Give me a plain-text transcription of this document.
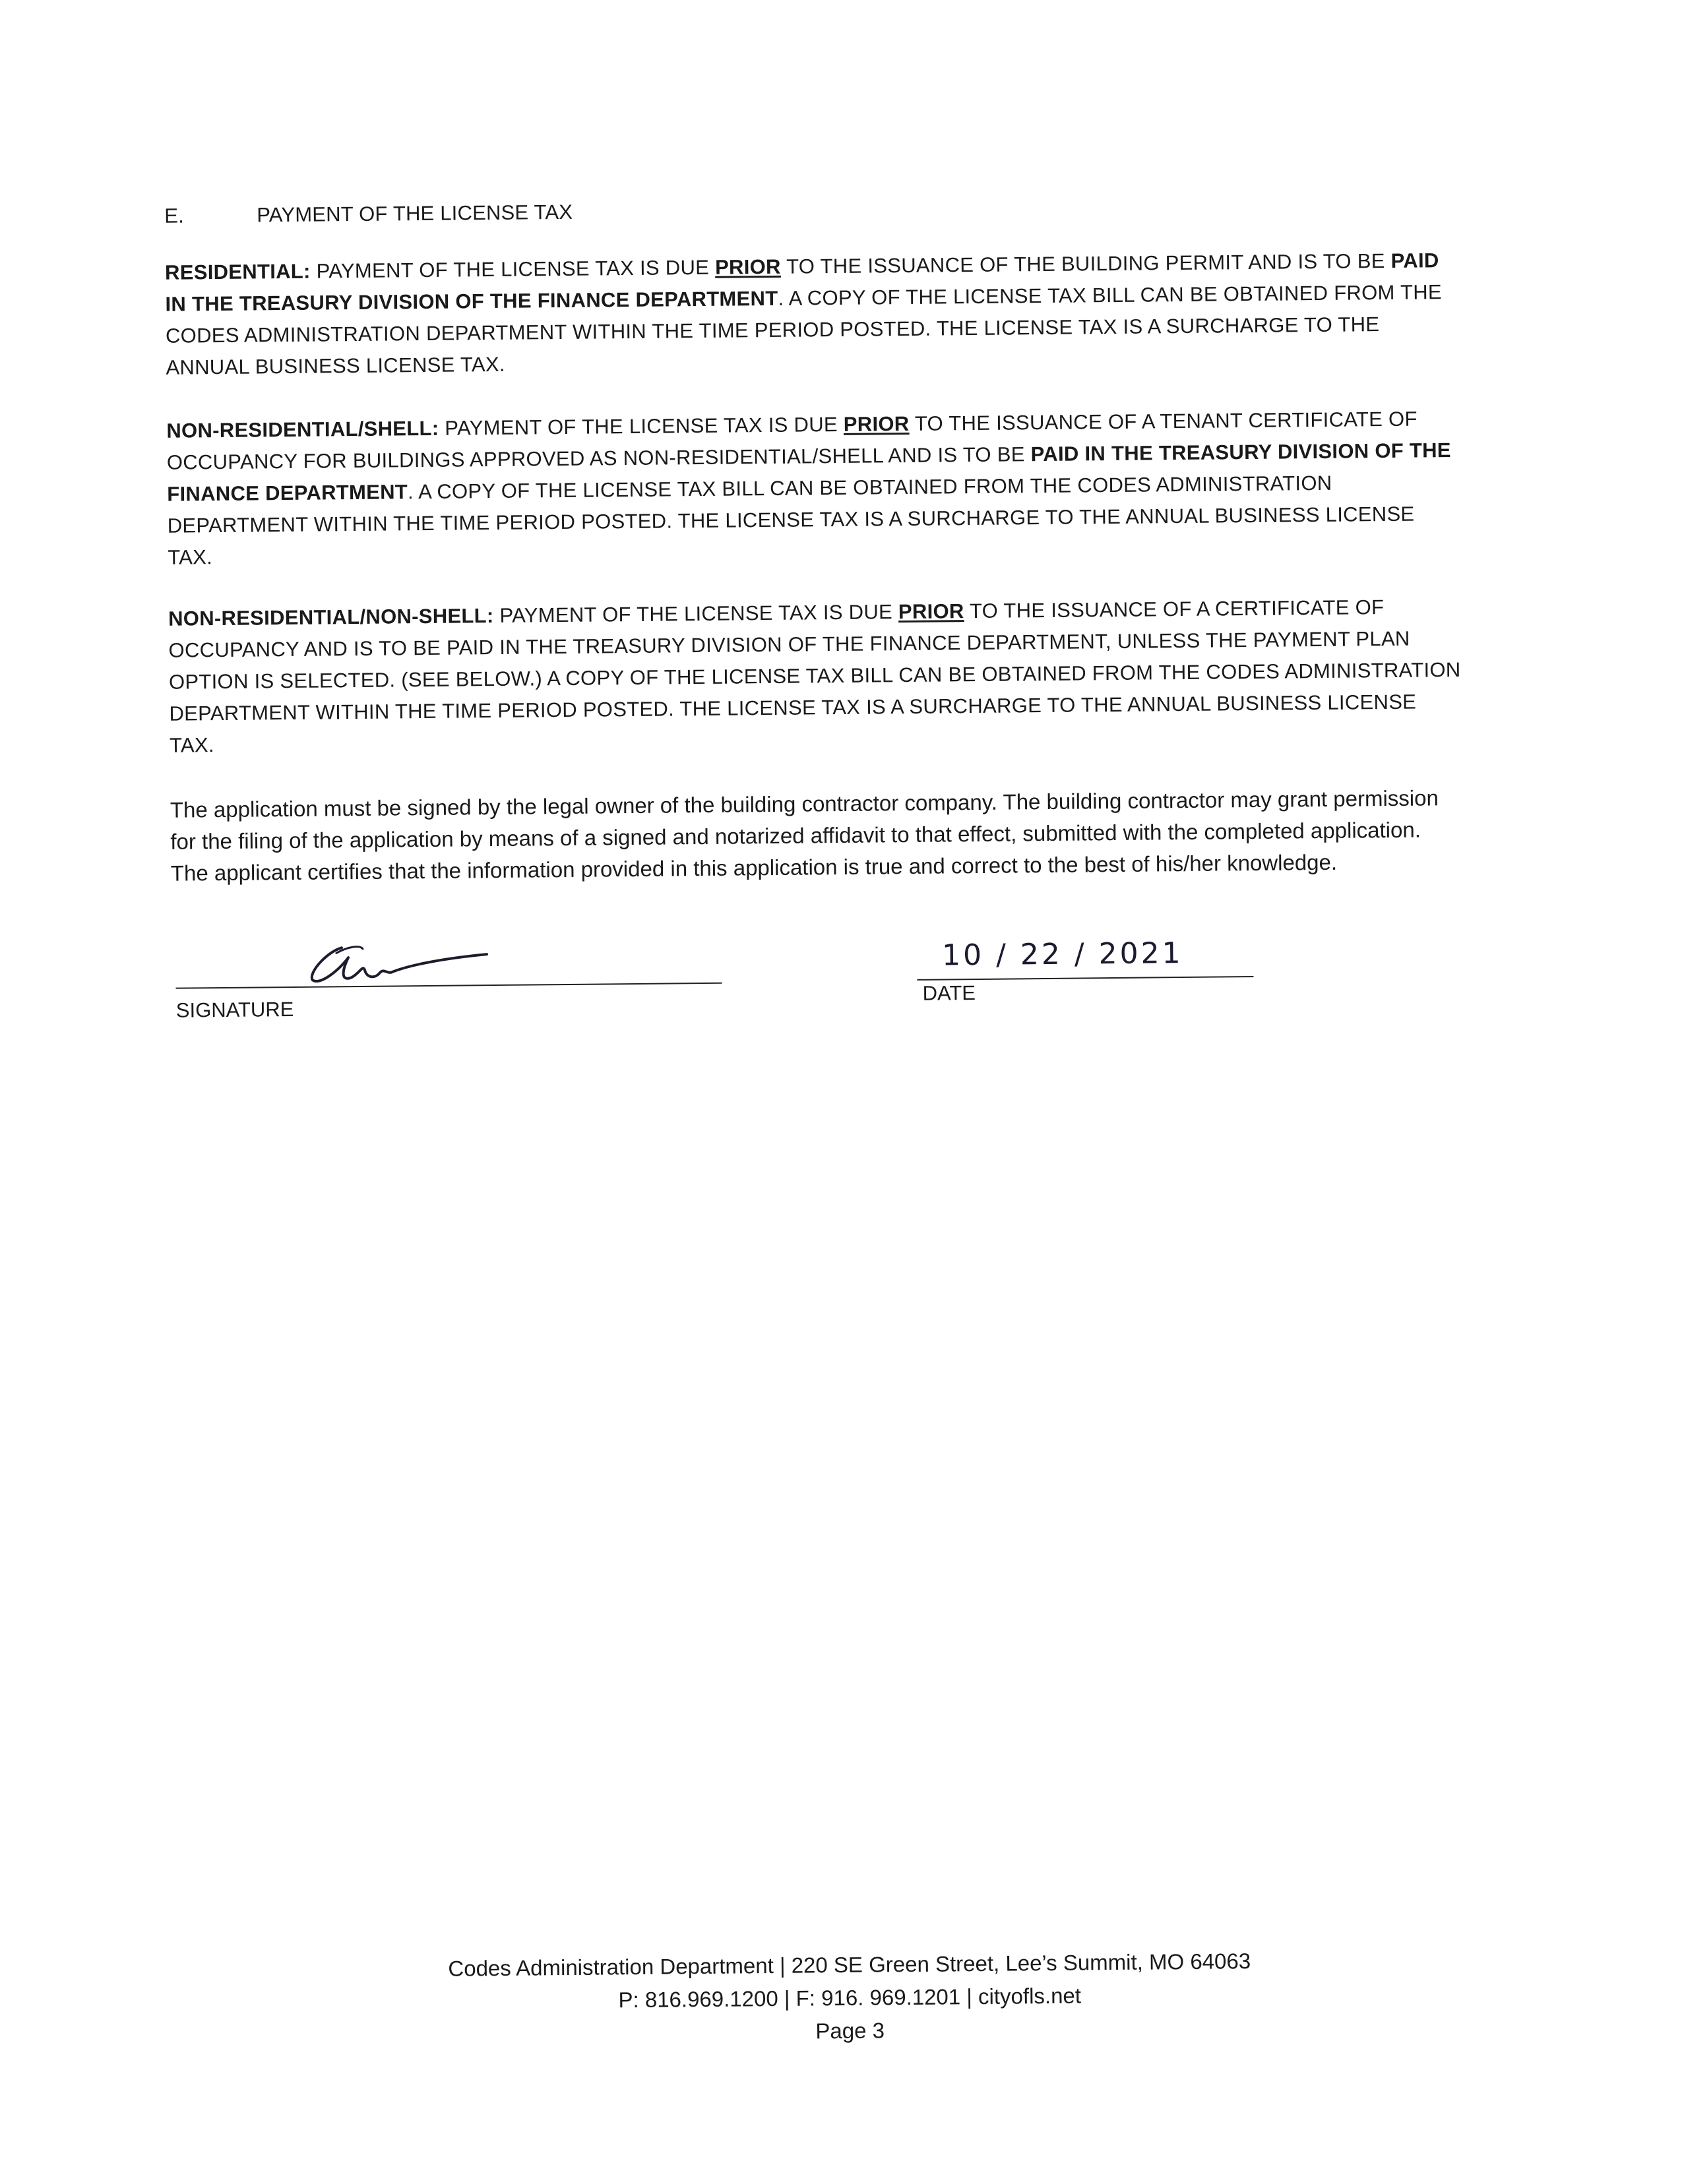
E.	PAYMENT OF THE LICENSE TAX
RESIDENTIAL: PAYMENT OF THE LICENSE TAX IS DUE PRIOR TO THE ISSUANCE OF THE BUILDING PERMIT AND IS TO BE PAID IN THE TREASURY DIVISION OF THE FINANCE DEPARTMENT. A COPY OF THE LICENSE TAX BILL CAN BE OBTAINED FROM THE CODES ADMINISTRATION DEPARTMENT WITHIN THE TIME PERIOD POSTED. THE LICENSE TAX IS A SURCHARGE TO THE ANNUAL BUSINESS LICENSE TAX.
NON-RESIDENTIAL/SHELL: PAYMENT OF THE LICENSE TAX IS DUE PRIOR TO THE ISSUANCE OF A TENANT CERTIFICATE OF OCCUPANCY FOR BUILDINGS APPROVED AS NON-RESIDENTIAL/SHELL AND IS TO BE PAID IN THE TREASURY DIVISION OF THE FINANCE DEPARTMENT. A COPY OF THE LICENSE TAX BILL CAN BE OBTAINED FROM THE CODES ADMINISTRATION DEPARTMENT WITHIN THE TIME PERIOD POSTED. THE LICENSE TAX IS A SURCHARGE TO THE ANNUAL BUSINESS LICENSE TAX.
NON-RESIDENTIAL/NON-SHELL: PAYMENT OF THE LICENSE TAX IS DUE PRIOR TO THE ISSUANCE OF A CERTIFICATE OF OCCUPANCY AND IS TO BE PAID IN THE TREASURY DIVISION OF THE FINANCE DEPARTMENT, UNLESS THE PAYMENT PLAN OPTION IS SELECTED. (SEE BELOW.) A COPY OF THE LICENSE TAX BILL CAN BE OBTAINED FROM THE CODES ADMINISTRATION DEPARTMENT WITHIN THE TIME PERIOD POSTED. THE LICENSE TAX IS A SURCHARGE TO THE ANNUAL BUSINESS LICENSE TAX.
The application must be signed by the legal owner of the building contractor company. The building contractor may grant permission for the filing of the application by means of a signed and notarized affidavit to that effect, submitted with the completed application. The applicant certifies that the information provided in this application is true and correct to the best of his/her knowledge.
SIGNATURE
10 / 22 / 2021
DATE
Codes Administration Department | 220 SE Green Street, Lee’s Summit, MO 64063
P: 816.969.1200 | F: 916. 969.1201 | cityofls.net
Page 3
